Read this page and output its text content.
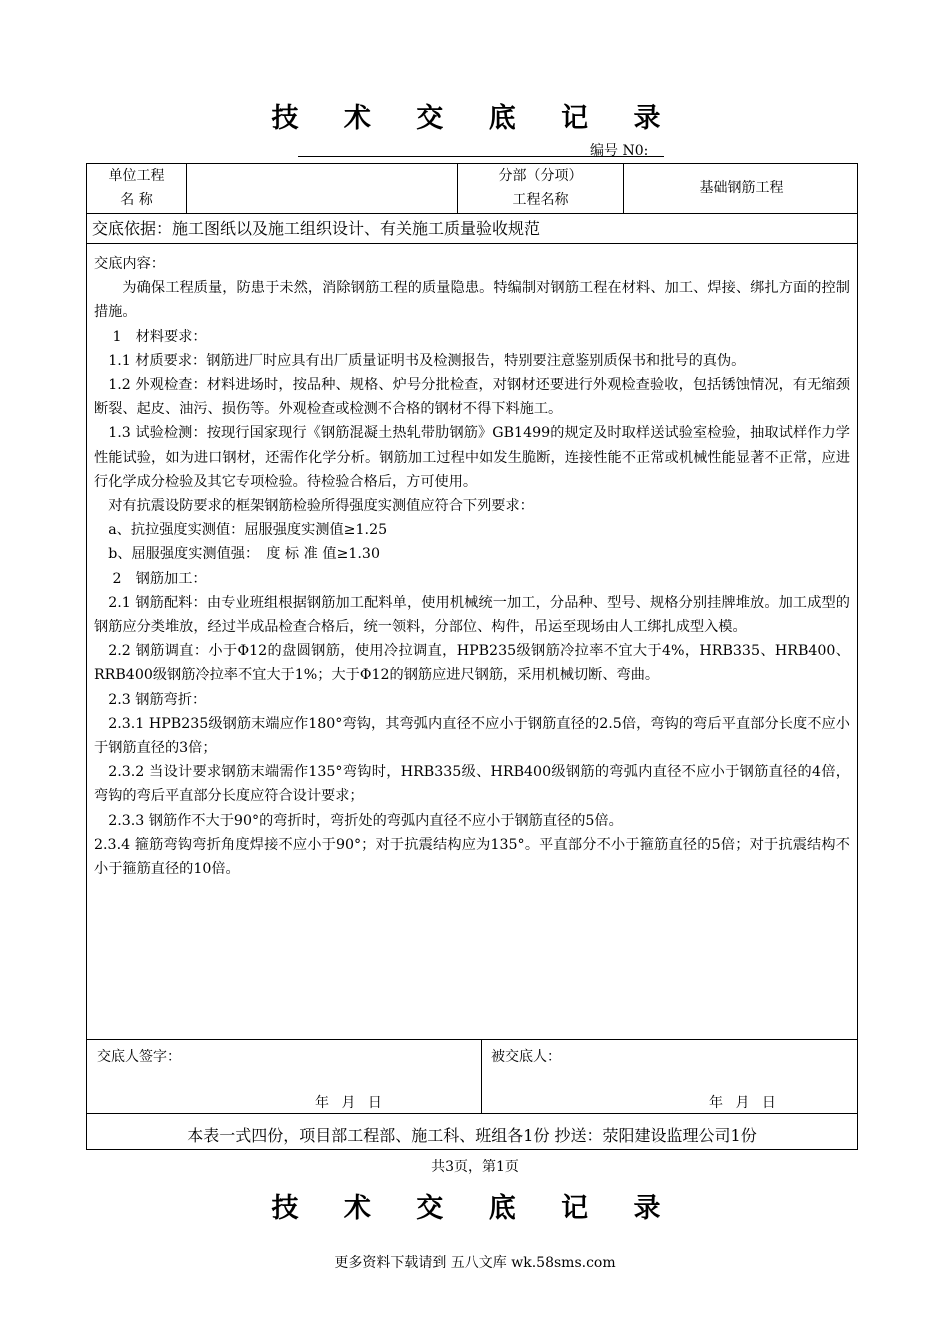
技 术 交 底 记 录
编号 N0:
单位工程
名 称
分部（分项）
工程名称
基础钢筋工程
交底依据：施工图纸以及施工组织设计、有关施工质量验收规范

交底内容：

为确保工程质量，防患于未然，消除钢筋工程的质量隐患。特编制对钢筋工程在材料、加工、焊接、绑扎方面的控制措施。

1　材料要求：

1.1 材质要求：钢筋进厂时应具有出厂质量证明书及检测报告，特别要注意鉴别质保书和批号的真伪。

1.2 外观检查：材料进场时，按品种、规格、炉号分批检查，对钢材还要进行外观检查验收，包括锈蚀情况，有无缩颈断裂、起皮、油污、损伤等。外观检查或检测不合格的钢材不得下料施工。

1.3 试验检测：按现行国家现行《钢筋混凝土热轧带肋钢筋》GB1499的规定及时取样送试验室检验，抽取试样作力学性能试验，如为进口钢材，还需作化学分析。钢筋加工过程中如发生脆断，连接性能不正常或机械性能显著不正常，应进行化学成分检验及其它专项检验。待检验合格后，方可使用。

对有抗震设防要求的框架钢筋检验所得强度实测值应符合下列要求：

a、抗拉强度实测值：屈服强度实测值≥1.25

b、屈服强度实测值强：　度 标 准 值≥1.30

2　钢筋加工：

2.1 钢筋配料：由专业班组根据钢筋加工配料单，使用机械统一加工，分品种、型号、规格分别挂牌堆放。加工成型的钢筋应分类堆放，经过半成品检查合格后，统一领料，分部位、构件，吊运至现场由人工绑扎成型入模。

2.2 钢筋调直：小于Φ12的盘圆钢筋，使用冷拉调直，HPB235级钢筋冷拉率不宜大于4%，HRB335、HRB400、RRB400级钢筋冷拉率不宜大于1%；大于Φ12的钢筋应进尺钢筋，采用机械切断、弯曲。

2.3 钢筋弯折：

2.3.1 HPB235级钢筋末端应作180°弯钩，其弯弧内直径不应小于钢筋直径的2.5倍，弯钩的弯后平直部分长度不应小于钢筋直径的3倍；

2.3.2 当设计要求钢筋末端需作135°弯钩时，HRB335级、HRB400级钢筋的弯弧内直径不应小于钢筋直径的4倍，弯钩的弯后平直部分长度应符合设计要求；

2.3.3 钢筋作不大于90°的弯折时，弯折处的弯弧内直径不应小于钢筋直径的5倍。

2.3.4 箍筋弯钩弯折角度焊接不应小于90°；对于抗震结构应为135°。平直部分不小于箍筋直径的5倍；对于抗震结构不小于箍筋直径的10倍。

交底人签字：
年 月 日
被交底人：
年 月 日
本表一式四份，项目部工程部、施工科、班组各1份 抄送：荥阳建设监理公司1份
共3页，第1页
技 术 交 底 记 录
更多资料下载请到 五八文库 wk.58sms.com
